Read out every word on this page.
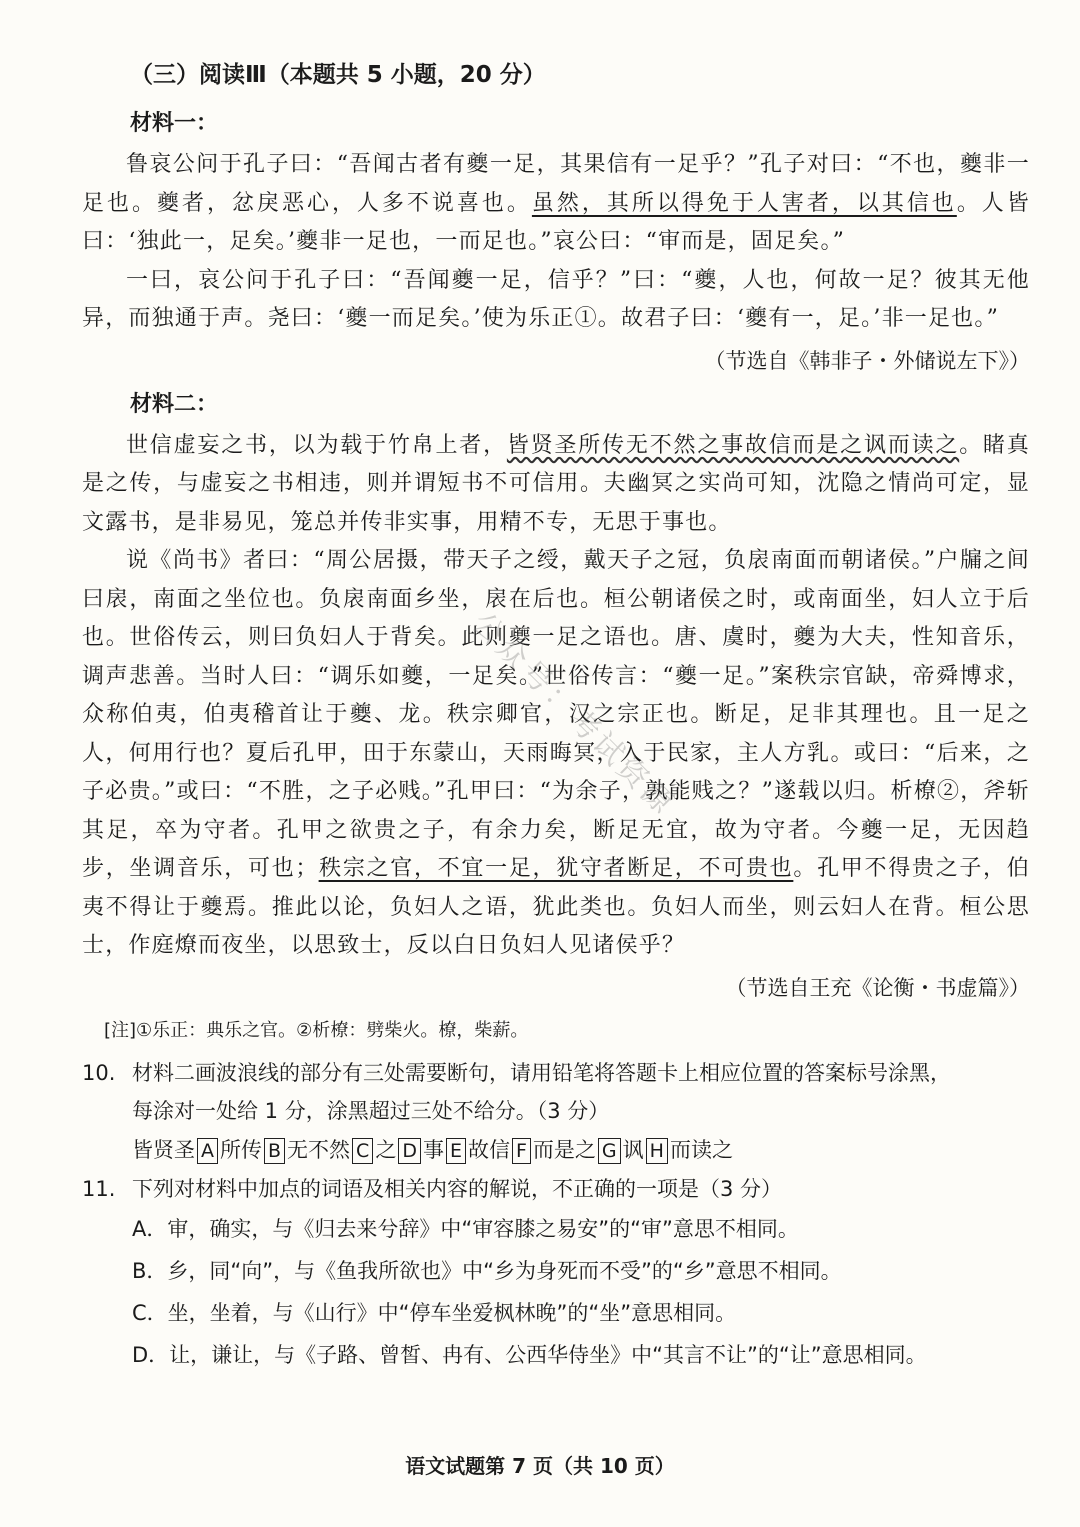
（三）阅读Ⅲ（本题共 5 小题，20 分）
材料一：

鲁哀公问于孔子曰：“吾闻古者有夔一足，其果信有一足乎？”孔子对曰：“不也，夔非一足也。夔者，忿戾恶心，人多不说喜也。虽然，其所以得免于人害者，以其信也。人皆曰：‘独此一，足矣。’夔非一足也，一而足也。”哀公曰：“审而是，固足矣。”

一曰，哀公问于孔子曰：“吾闻夔一足，信乎？”曰：“夔，人也，何故一足？彼其无他异，而独通于声。尧曰：‘夔一而足矣。’使为乐正①。故君子曰：‘夔有一，足。’非一足也。”

（节选自《韩非子・外储说左下》）
材料二：

世信虚妄之书，以为载于竹帛上者，皆贤圣所传无不然之事故信而是之讽而读之。睹真是之传，与虚妄之书相违，则并谓短书不可信用。夫幽冥之实尚可知，沈隐之情尚可定，显文露书，是非易见，笼总并传非实事，用精不专，无思于事也。

说《尚书》者曰：“周公居摄，带天子之绶，戴天子之冠，负扆南面而朝诸侯。”户牖之间曰扆，南面之坐位也。负扆南面乡坐，扆在后也。桓公朝诸侯之时，或南面坐，妇人立于后也。世俗传云，则曰负妇人于背矣。此则夔一足之语也。唐、虞时，夔为大夫，性知音乐，调声悲善。当时人曰：“调乐如夔，一足矣。”世俗传言：“夔一足。”案秩宗官缺，帝舜博求，众称伯夷，伯夷稽首让于夔、龙。秩宗卿官，汉之宗正也。断足，足非其理也。且一足之人，何用行也？夏后孔甲，田于东蒙山，天雨晦冥，入于民家，主人方乳。或曰：“后来，之子必贵。”或曰：“不胜，之子必贱。”孔甲曰：“为余子，孰能贱之？”遂载以归。析橑②，斧斩其足，卒为守者。孔甲之欲贵之子，有余力矣，断足无宜，故为守者。今夔一足，无因趋步，坐调音乐，可也；秩宗之官，不宜一足，犹守者断足，不可贵也。孔甲不得贵之子，伯夷不得让于夔焉。推此以论，负妇人之语，犹此类也。负妇人而坐，则云妇人在背。桓公思士，作庭燎而夜坐，以思致士，反以白日负妇人见诸侯乎？

（节选自王充《论衡・书虚篇》）
[注]①乐正：典乐之官。②析橑：劈柴火。橑，柴薪。
10. 材料二画波浪线的部分有三处需要断句，请用铅笔将答题卡上相应位置的答案标号涂黑，
每涂对一处给 1 分，涂黑超过三处不给分。（3 分）
皆贤圣 A 所传 B 无不然 C 之 D 事 E 故信 F 而是之 G 讽 H 而读之
11. 下列对材料中加点的词语及相关内容的解说，不正确的一项是（3 分）
A．审，确实，与《归去来兮辞》中“审容膝之易安”的“审”意思不相同。
B．乡，同“向”，与《鱼我所欲也》中“乡为身死而不受”的“乡”意思不相同。
C．坐，坐着，与《山行》中“停车坐爱枫林晚”的“坐”意思相同。
D．让，谦让，与《子路、曾皙、冉有、公西华侍坐》中“其言不让”的“让”意思相同。
公众号：考试资源
语文试题第 7 页（共 10 页）
